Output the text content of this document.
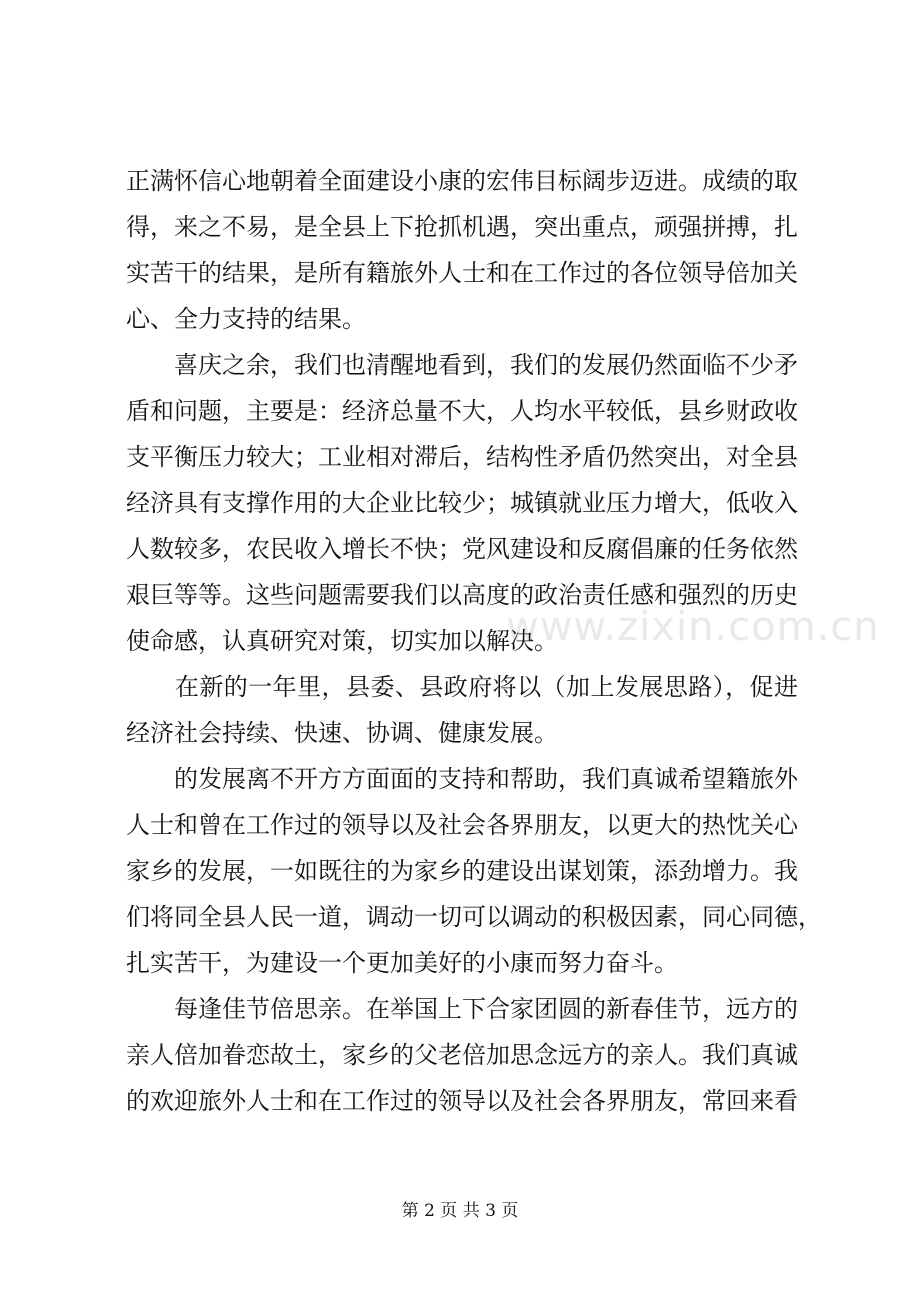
正满怀信心地朝着全面建设小康的宏伟目标阔步迈进。成绩的取
得，来之不易，是全县上下抢抓机遇，突出重点，顽强拼搏，扎
实苦干的结果，是所有籍旅外人士和在工作过的各位领导倍加关
心、全力支持的结果。
　　喜庆之余，我们也清醒地看到，我们的发展仍然面临不少矛
盾和问题，主要是：经济总量不大，人均水平较低，县乡财政收
支平衡压力较大；工业相对滞后，结构性矛盾仍然突出，对全县
经济具有支撑作用的大企业比较少；城镇就业压力增大，低收入
人数较多，农民收入增长不快；党风建设和反腐倡廉的任务依然
艰巨等等。这些问题需要我们以高度的政治责任感和强烈的历史
使命感，认真研究对策，切实加以解决。
　　在新的一年里，县委、县政府将以（加上发展思路），促进
经济社会持续、快速、协调、健康发展。
　　的发展离不开方方面面的支持和帮助，我们真诚希望籍旅外
人士和曾在工作过的领导以及社会各界朋友，以更大的热忱关心
家乡的发展，一如既往的为家乡的建设出谋划策，添劲增力。我
们将同全县人民一道，调动一切可以调动的积极因素，同心同德，
扎实苦干，为建设一个更加美好的小康而努力奋斗。
　　每逢佳节倍思亲。在举国上下合家团圆的新春佳节，远方的
亲人倍加眷恋故土，家乡的父老倍加思念远方的亲人。我们真诚
的欢迎旅外人士和在工作过的领导以及社会各界朋友，常回来看
www.zixin.com.cn
第 2 页 共 3 页
